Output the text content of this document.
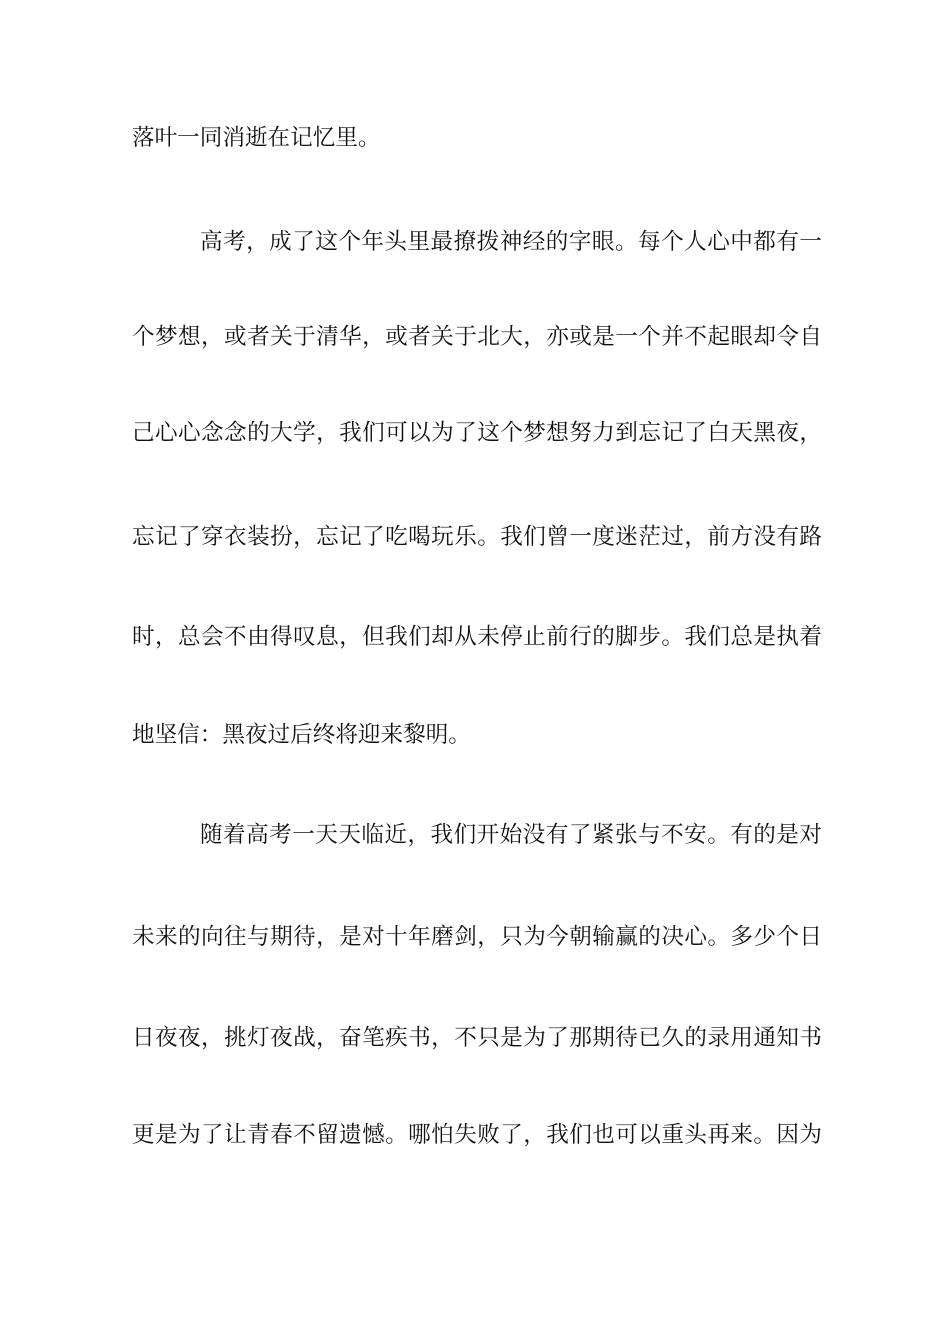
落叶一同消逝在记忆里。
高考，成了这个年头里最撩拨神经的字眼。每个人心中都有一
个梦想，或者关于清华，或者关于北大，亦或是一个并不起眼却令自
己心心念念的大学，我们可以为了这个梦想努力到忘记了白天黑夜，
忘记了穿衣装扮，忘记了吃喝玩乐。我们曾一度迷茫过，前方没有路
时，总会不由得叹息，但我们却从未停止前行的脚步。我们总是执着
地坚信：黑夜过后终将迎来黎明。
随着高考一天天临近，我们开始没有了紧张与不安。有的是对
未来的向往与期待，是对十年磨剑，只为今朝输赢的决心。多少个日
日夜夜，挑灯夜战，奋笔疾书，不只是为了那期待已久的录用通知书
更是为了让青春不留遗憾。哪怕失败了，我们也可以重头再来。因为
